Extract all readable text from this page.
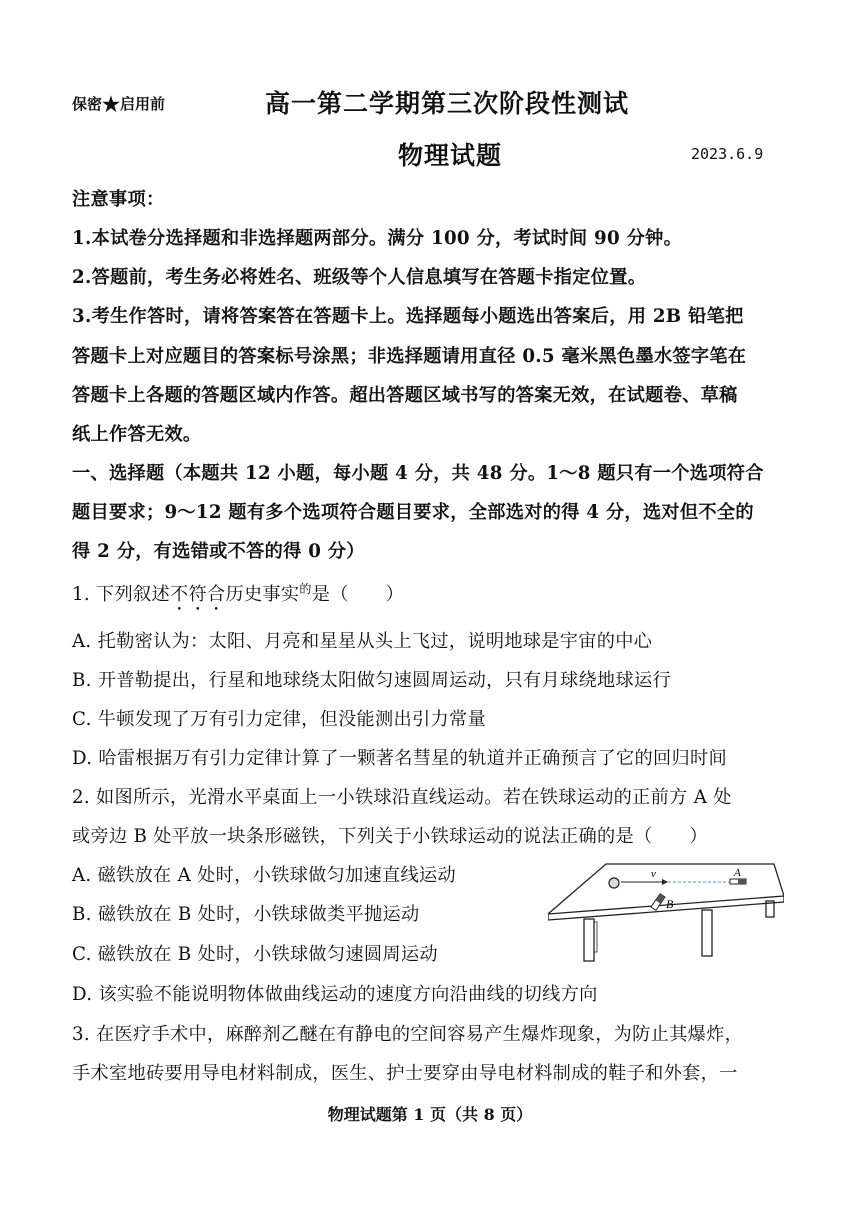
保密★启用前	高一第二学期第三次阶段性测试
物理试题	2023.6.9
注意事项：
1.本试卷分选择题和非选择题两部分。满分 100 分，考试时间 90 分钟。
2.答题前，考生务必将姓名、班级等个人信息填写在答题卡指定位置。
3.考生作答时，请将答案答在答题卡上。选择题每小题选出答案后，用 2B 铅笔把
答题卡上对应题目的答案标号涂黑；非选择题请用直径 0.5 毫米黑色墨水签字笔在
答题卡上各题的答题区域内作答。超出答题区域书写的答案无效，在试题卷、草稿
纸上作答无效。
一、选择题（本题共 12 小题，每小题 4 分，共 48 分。1～8 题只有一个选项符合
题目要求；9～12 题有多个选项符合题目要求，全部选对的得 4 分，选对但不全的
得 2 分，有选错或不答的得 0 分）
1. 下列叙述不符合历史事实$^的$是（　　）
A. 托勒密认为：太阳、月亮和星星从头上飞过，说明地球是宇宙的中心
B. 开普勒提出，行星和地球绕太阳做匀速圆周运动，只有月球绕地球运行
C. 牛顿发现了万有引力定律，但没能测出引力常量
D. 哈雷根据万有引力定律计算了一颗著名彗星的轨道并正确预言了它的回归时间
2. 如图所示，光滑水平桌面上一小铁球沿直线运动。若在铁球运动的正前方 A 处
或旁边 B 处平放一块条形磁铁，下列关于小铁球运动的说法正确的是（　　）
A. 磁铁放在 A 处时，小铁球做匀加速直线运动
B. 磁铁放在 B 处时，小铁球做类平抛运动
C. 磁铁放在 B 处时，小铁球做匀速圆周运动
D. 该实验不能说明物体做曲线运动的速度方向沿曲线的切线方向
v	A
B
3. 在医疗手术中，麻醉剂乙醚在有静电的空间容易产生爆炸现象，为防止其爆炸，
手术室地砖要用导电材料制成，医生、护士要穿由导电材料制成的鞋子和外套，一
物理试题第 1 页（共 8 页）
